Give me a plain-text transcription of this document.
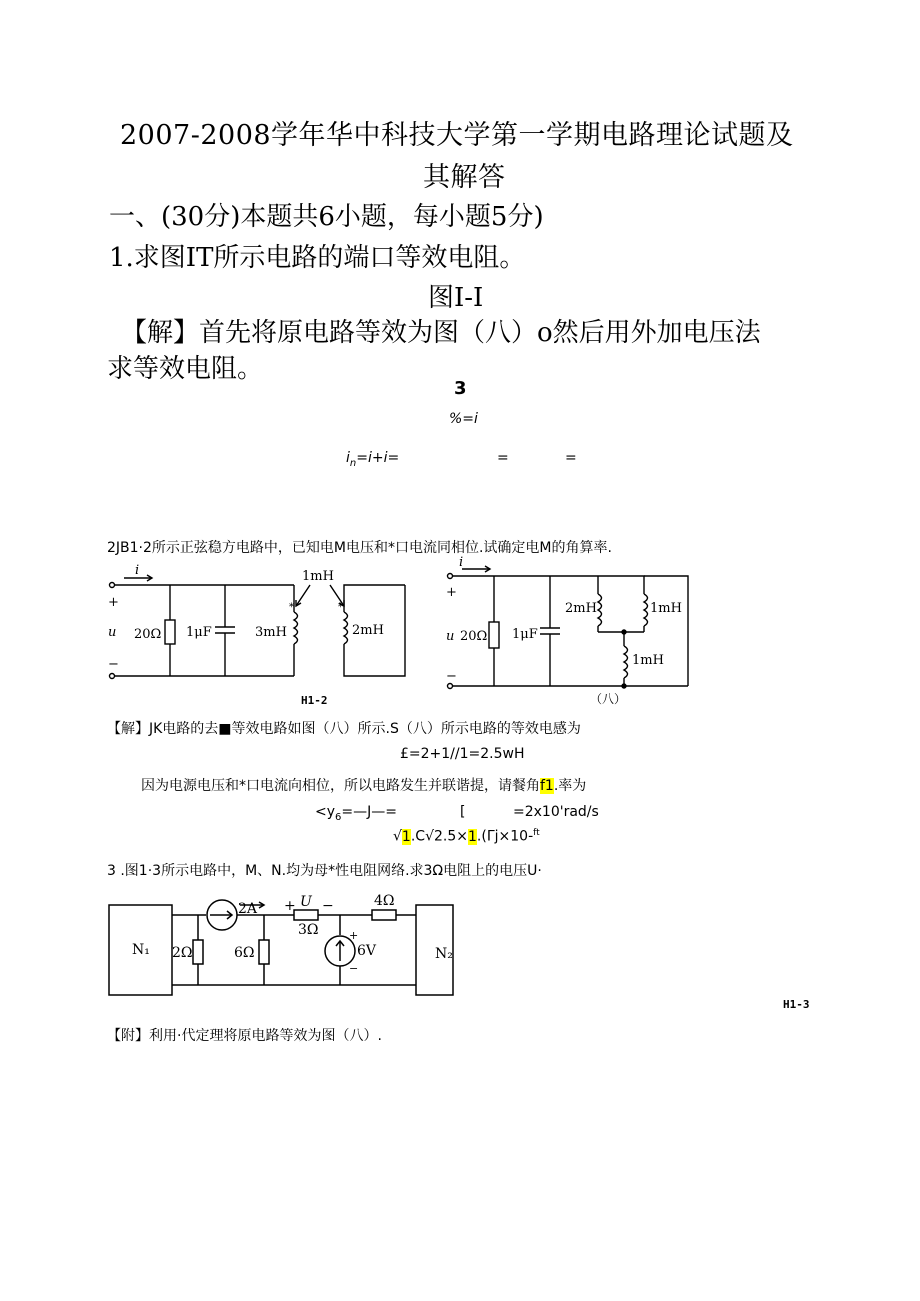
2007-2008学年华中科技大学第一学期电路理论试题及
其解答
一、(30分)本题共6小题，每小题5分)
1.求图IT所示电路的端口等效电阻。
图I-I
【解】首先将原电路等效为图（八）o然后用外加电压法
求等效电阻。
3
%=i
$i_n=i+i=$	=	=
2JB1·2所示正弦稳方电路中，已知电M电压和*口电流同相位.试确定电M的角算率.
i
+
−
u 20Ω 1μF	3mH
1mH
2mH
*	*
i
+
−
u 20Ω 1μF
2mH	1mH
1mH
H1-2	（八）
【解】JK电路的去■等效电路如图（八）所示.S（八）所示电路的等效电感为
£=2+1//1=2.5wH
因为电源电压和*口电流向相位，所以电路发生并联谐提，请餐角f1.率为
$<y_6=—J—=$	[	=2x10'rad/s
√1.C√2.5×1.(Γj×10-$^{ft}$
3 .图1·3所示电路中，M、N.均为母*性电阻网络.求3Ω电阻上的电压U·
N₁	N₂
2A
2Ω	6Ω
3Ω
4Ω
U
+ −
6V
+
−
H1-3
【附】利用·代定理将原电路等效为图（八）.
